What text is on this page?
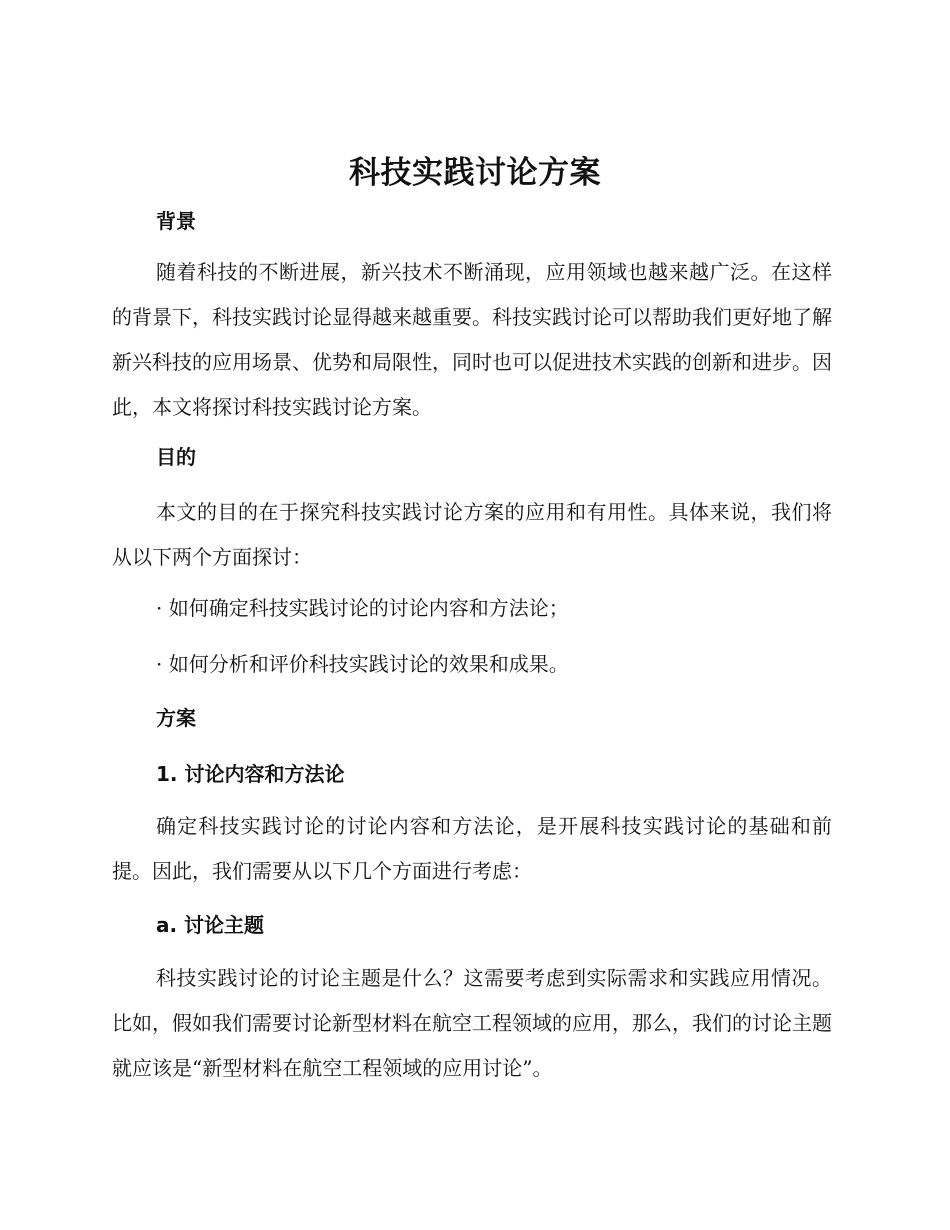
科技实践讨论方案
背景
随着科技的不断进展，新兴技术不断涌现，应用领域也越来越广泛。在这样的背景下，科技实践讨论显得越来越重要。科技实践讨论可以帮助我们更好地了解新兴科技的应用场景、优势和局限性，同时也可以促进技术实践的创新和进步。因此，本文将探讨科技实践讨论方案。
目的
本文的目的在于探究科技实践讨论方案的应用和有用性。具体来说，我们将从以下两个方面探讨：
· 如何确定科技实践讨论的讨论内容和方法论；
· 如何分析和评价科技实践讨论的效果和成果。
方案
1. 讨论内容和方法论
确定科技实践讨论的讨论内容和方法论，是开展科技实践讨论的基础和前提。因此，我们需要从以下几个方面进行考虑：
a. 讨论主题
科技实践讨论的讨论主题是什么？这需要考虑到实际需求和实践应用情况。比如，假如我们需要讨论新型材料在航空工程领域的应用，那么，我们的讨论主题就应该是“新型材料在航空工程领域的应用讨论”。
